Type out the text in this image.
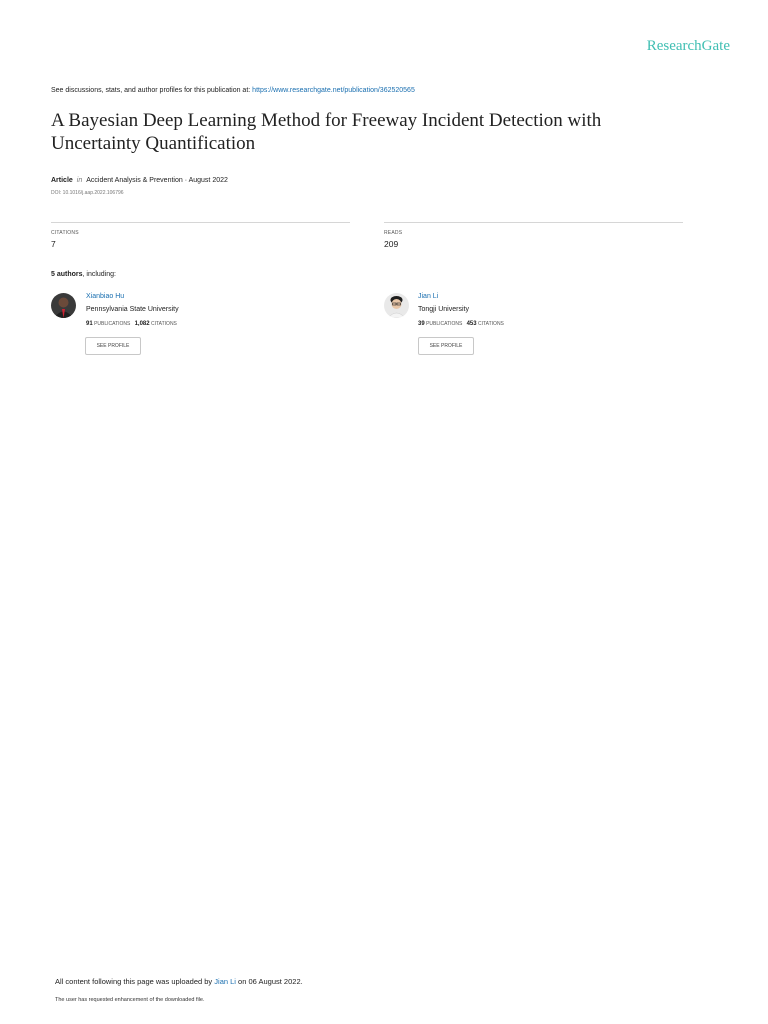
ResearchGate
See discussions, stats, and author profiles for this publication at: https://www.researchgate.net/publication/362520565
A Bayesian Deep Learning Method for Freeway Incident Detection with Uncertainty Quantification
Article in Accident Analysis & Prevention · August 2022
DOI: 10.1016/j.aap.2022.106796
CITATIONS
7
READS
209
5 authors, including:
Xianbiao Hu
Pennsylvania State University
91 PUBLICATIONS 1,082 CITATIONS
SEE PROFILE
Jian Li
Tongji University
39 PUBLICATIONS 453 CITATIONS
SEE PROFILE
All content following this page was uploaded by Jian Li on 06 August 2022.
The user has requested enhancement of the downloaded file.
